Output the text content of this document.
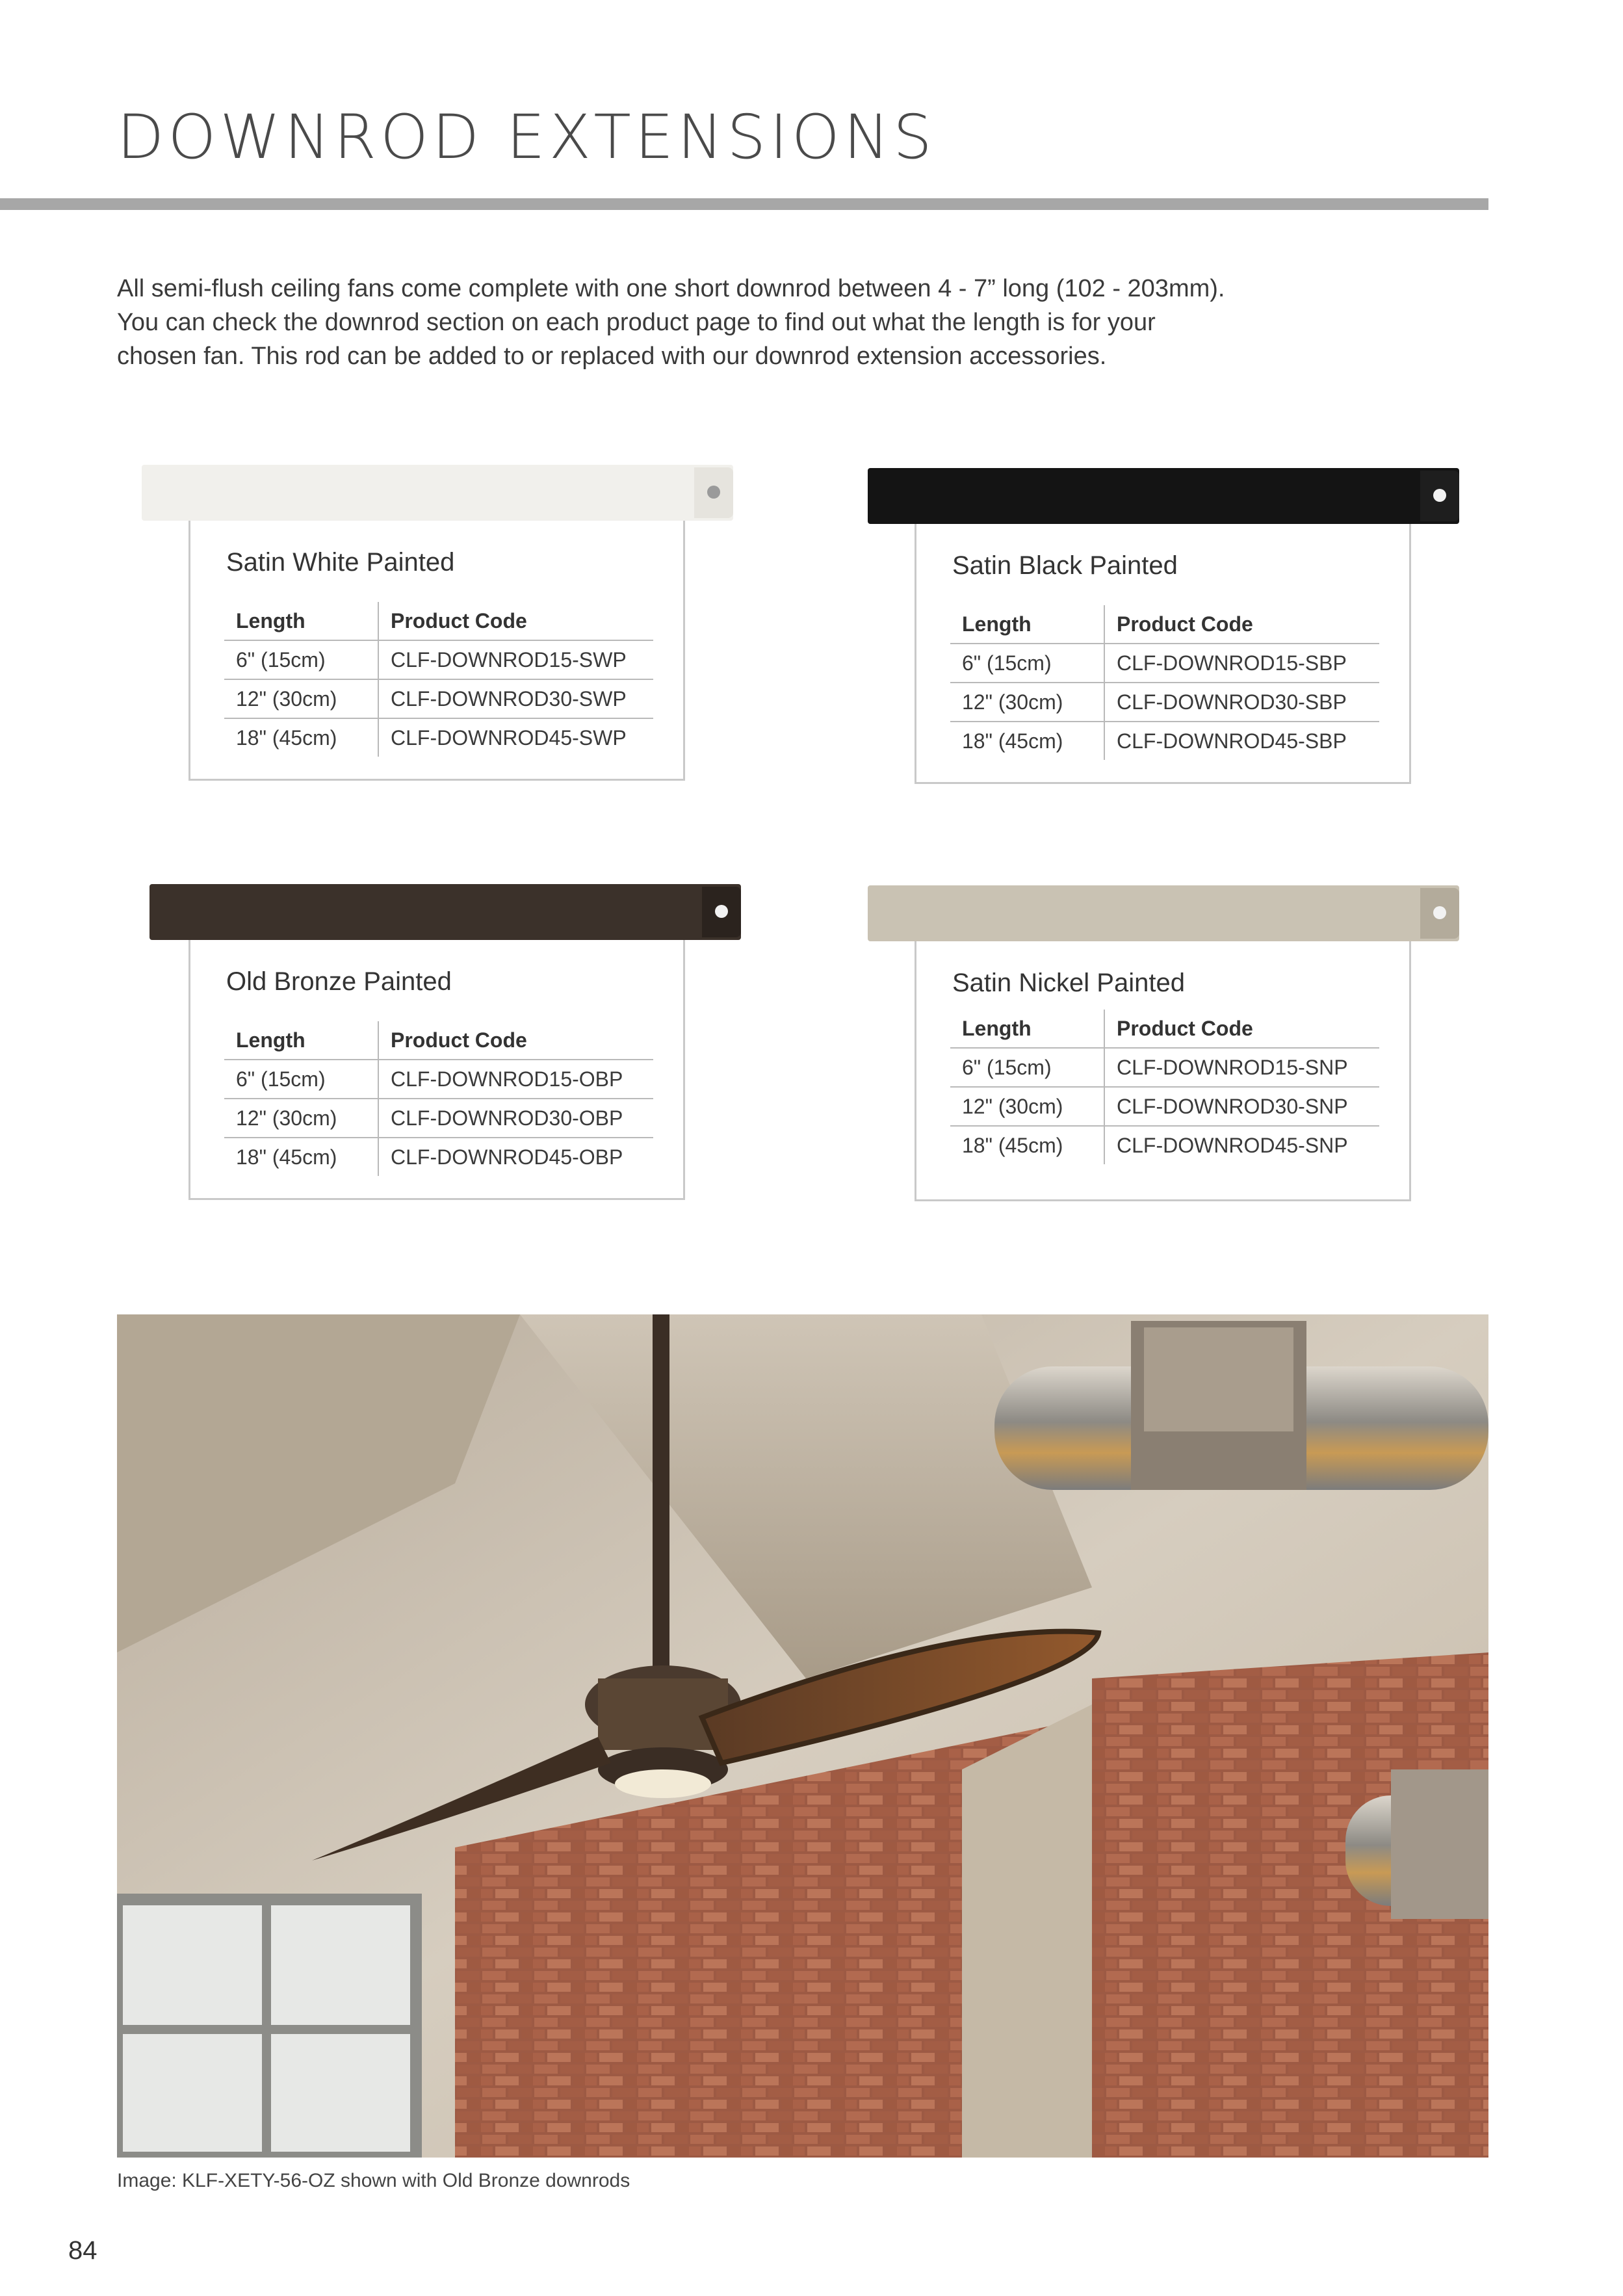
DOWNROD EXTENSIONS

All semi-flush ceiling fans come complete with one short downrod between 4 - 7” long (102 - 203mm).

You can check the downrod section on each product page to find out what the length is for your

chosen fan. This rod can be added to or replaced with our downrod extension accessories.

Satin White Painted
Length	Product Code
6" (15cm)	CLF-DOWNROD15-SWP
12" (30cm)	CLF-DOWNROD30-SWP
18" (45cm)	CLF-DOWNROD45-SWP
Satin Black Painted
Length	Product Code
6" (15cm)	CLF-DOWNROD15-SBP
12" (30cm)	CLF-DOWNROD30-SBP
18" (45cm)	CLF-DOWNROD45-SBP
Old Bronze Painted
Length	Product Code
6" (15cm)	CLF-DOWNROD15-OBP
12" (30cm)	CLF-DOWNROD30-OBP
18" (45cm)	CLF-DOWNROD45-OBP
Satin Nickel Painted
Length	Product Code
6" (15cm)	CLF-DOWNROD15-SNP
12" (30cm)	CLF-DOWNROD30-SNP
18" (45cm)	CLF-DOWNROD45-SNP

Image: KLF-XETY-56-OZ shown with Old Bronze downrods

84
